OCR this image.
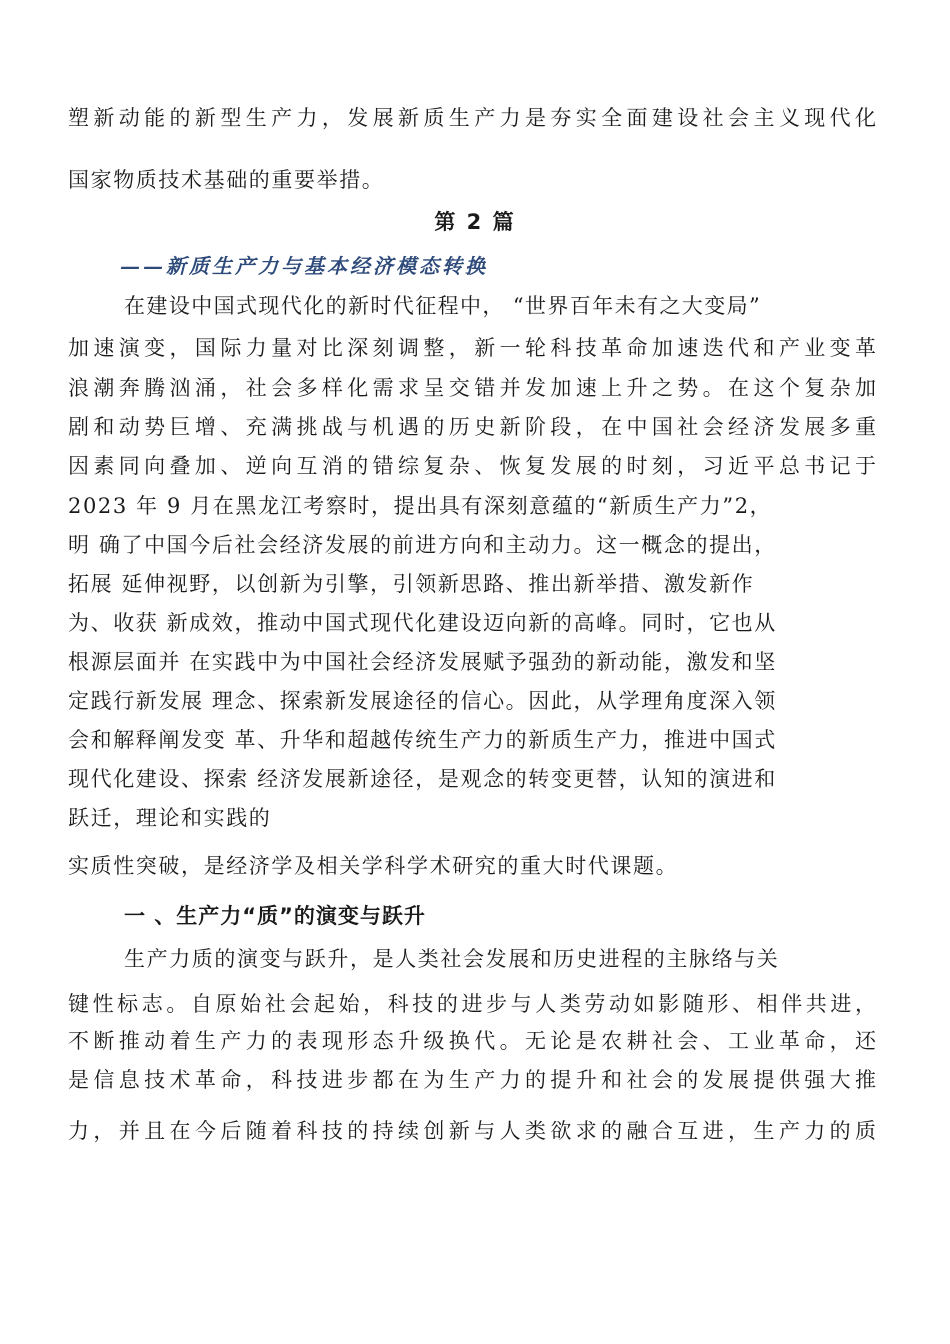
塑新动能的新型生产力，发展新质生产力是夯实全面建设社会主义现代化
国家物质技术基础的重要举措。
第 2 篇
——新质生产力与基本经济模态转换
在建设中国式现代化的新时代征程中， “世界百年未有之大变局”
加速演变，国际力量对比深刻调整，新一轮科技革命加速迭代和产业变革
浪潮奔腾汹涌，社会多样化需求呈交错并发加速上升之势。在这个复杂加
剧和动势巨增、充满挑战与机遇的历史新阶段，在中国社会经济发展多重
因素同向叠加、逆向互消的错综复杂、恢复发展的时刻，习近平总书记于
2023 年 9 月在黑龙江考察时，提出具有深刻意蕴的“新质生产力”2，
明 确了中国今后社会经济发展的前进方向和主动力。这一概念的提出，
拓展 延伸视野，以创新为引擎，引领新思路、推出新举措、激发新作
为、收获 新成效，推动中国式现代化建设迈向新的高峰。同时，它也从
根源层面并 在实践中为中国社会经济发展赋予强劲的新动能，激发和坚
定践行新发展 理念、探索新发展途径的信心。因此，从学理角度深入领
会和解释阐发变 革、升华和超越传统生产力的新质生产力，推进中国式
现代化建设、探索 经济发展新途径，是观念的转变更替，认知的演进和
跃迁，理论和实践的
实质性突破，是经济学及相关学科学术研究的重大时代课题。
一 、生产力“质”的演变与跃升
生产力质的演变与跃升，是人类社会发展和历史进程的主脉络与关
键性标志。自原始社会起始，科技的进步与人类劳动如影随形、相伴共进，
不断推动着生产力的表现形态升级换代。无论是农耕社会、工业革命，还
是信息技术革命，科技进步都在为生产力的提升和社会的发展提供强大推
力，并且在今后随着科技的持续创新与人类欲求的融合互进，生产力的质
